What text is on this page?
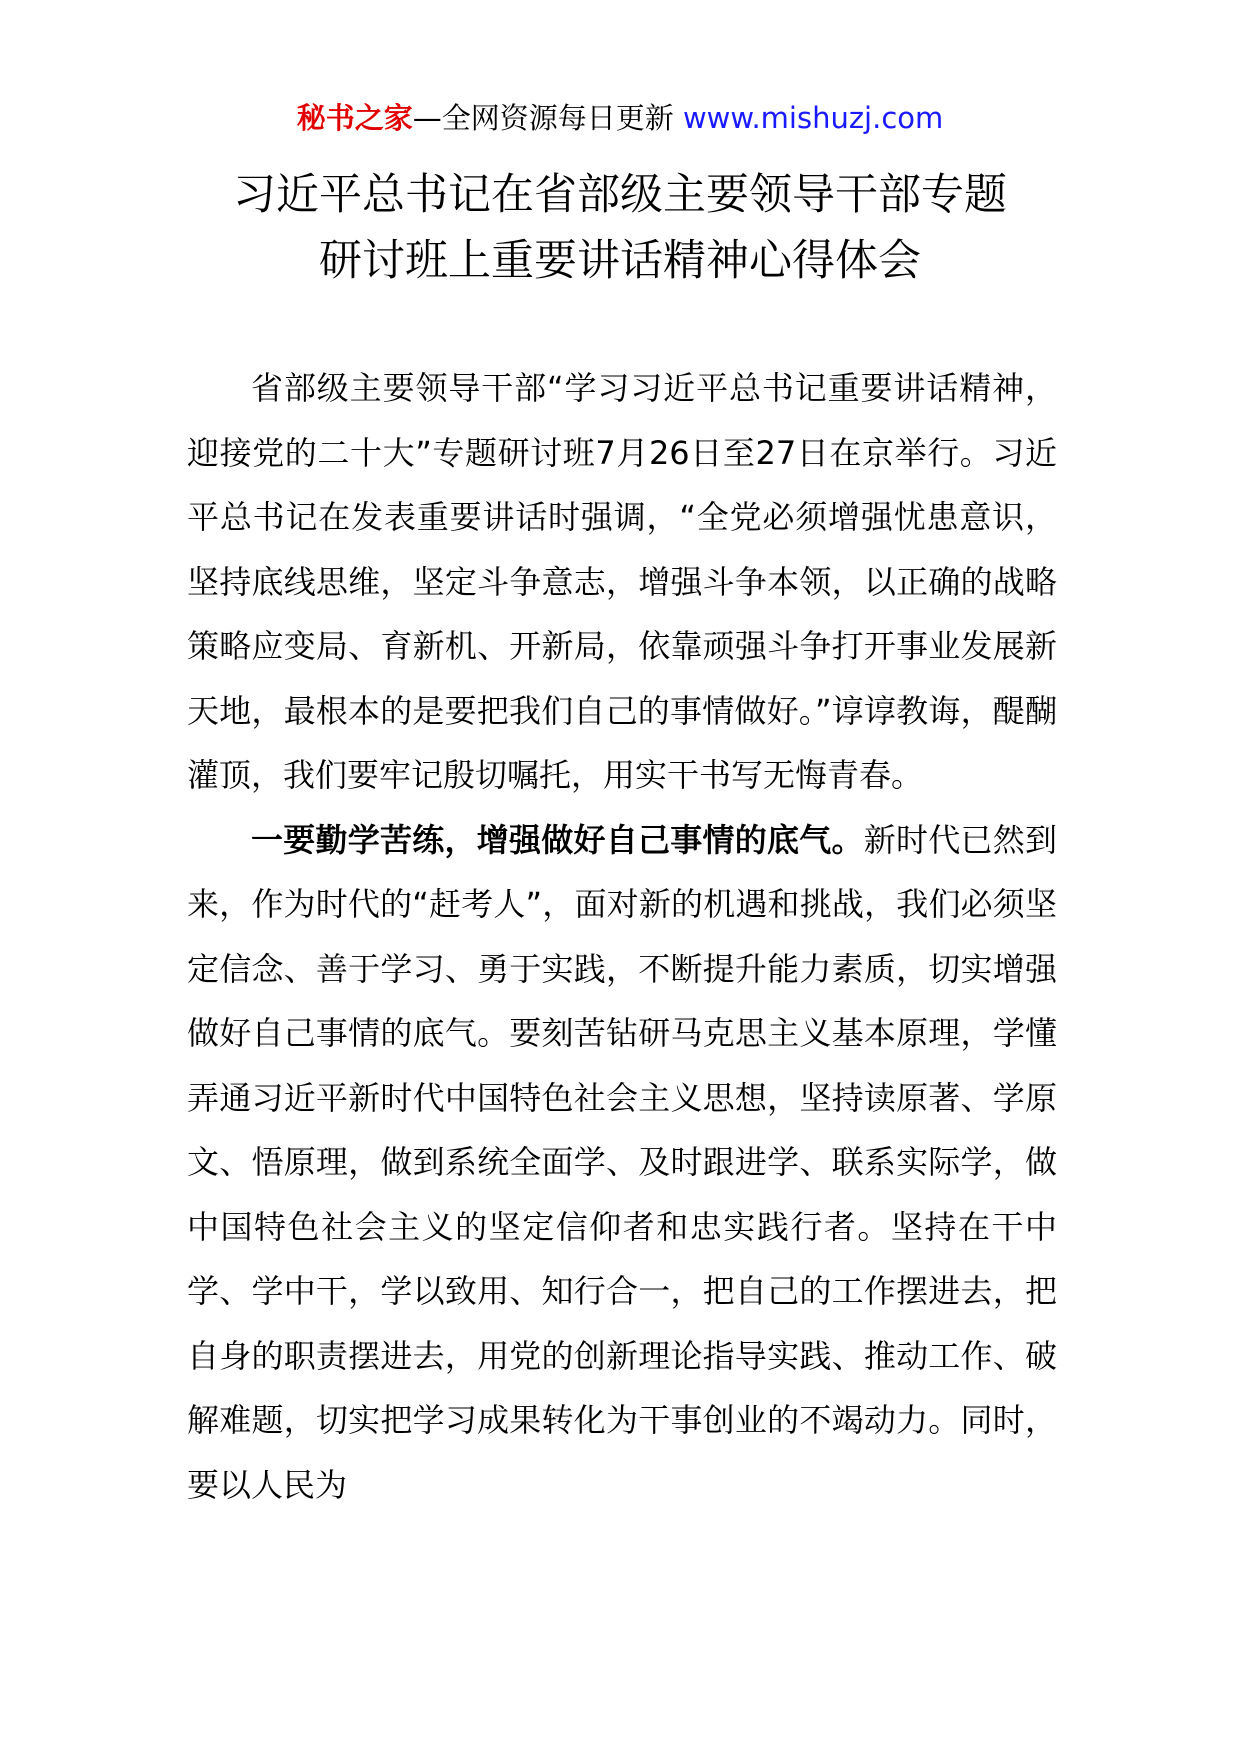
秘书之家—全网资源每日更新 www.mishuzj.com
习近平总书记在省部级主要领导干部专题
研讨班上重要讲话精神心得体会

省部级主要领导干部“学习习近平总书记重要讲话精神，迎接党的二十大”专题研讨班7月26日至27日在京举行。习近平总书记在发表重要讲话时强调，“全党必须增强忧患意识，坚持底线思维，坚定斗争意志，增强斗争本领，以正确的战略策略应变局、育新机、开新局，依靠顽强斗争打开事业发展新天地，最根本的是要把我们自己的事情做好。”谆谆教诲，醍醐灌顶，我们要牢记殷切嘱托，用实干书写无悔青春。

一要勤学苦练，增强做好自己事情的底气。新时代已然到来，作为时代的“赶考人”，面对新的机遇和挑战，我们必须坚定信念、善于学习、勇于实践，不断提升能力素质，切实增强做好自己事情的底气。要刻苦钻研马克思主义基本原理，学懂弄通习近平新时代中国特色社会主义思想，坚持读原著、学原文、悟原理，做到系统全面学、及时跟进学、联系实际学，做中国特色社会主义的坚定信仰者和忠实践行者。坚持在干中学、学中干，学以致用、知行合一，把自己的工作摆进去，把自身的职责摆进去，用党的创新理论指导实践、推动工作、破解难题，切实把学习成果转化为干事创业的不竭动力。同时，要以人民为
